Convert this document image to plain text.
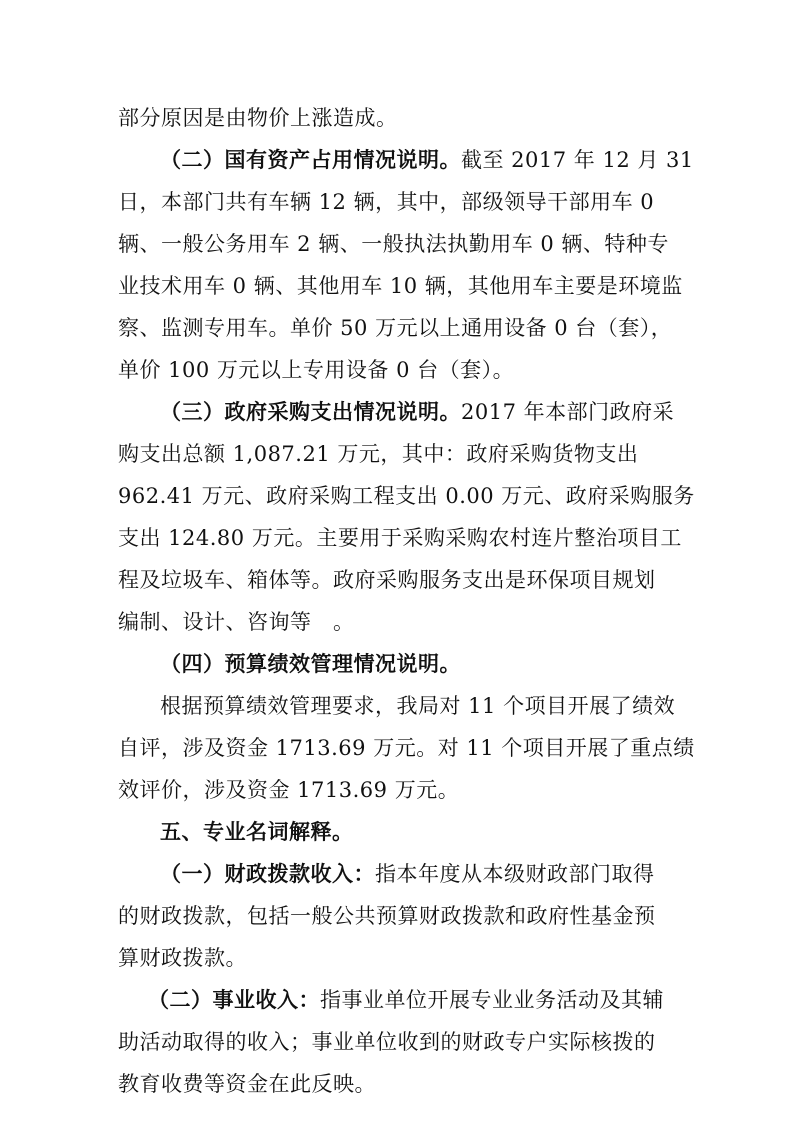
部分原因是由物价上涨造成。
（二）国有资产占用情况说明。截至 2017 年 12 月 31
日，本部门共有车辆 12 辆，其中，部级领导干部用车 0
辆、一般公务用车 2 辆、一般执法执勤用车 0 辆、特种专
业技术用车 0 辆、其他用车 10 辆，其他用车主要是环境监
察、监测专用车。单价 50 万元以上通用设备 0 台（套），
单价 100 万元以上专用设备 0 台（套）。
（三）政府采购支出情况说明。2017 年本部门政府采
购支出总额 1,087.21 万元，其中：政府采购货物支出
962.41 万元、政府采购工程支出 0.00 万元、政府采购服务
支出 124.80 万元。主要用于采购采购农村连片整治项目工
程及垃圾车、箱体等。政府采购服务支出是环保项目规划
编制、设计、咨询等　。
（四）预算绩效管理情况说明。
根据预算绩效管理要求，我局对 11 个项目开展了绩效
自评，涉及资金 1713.69 万元。对 11 个项目开展了重点绩
效评价，涉及资金 1713.69 万元。
五、专业名词解释。
（一）财政拨款收入：指本年度从本级财政部门取得
的财政拨款，包括一般公共预算财政拨款和政府性基金预
算财政拨款。
（二）事业收入：指事业单位开展专业业务活动及其辅
助活动取得的收入；事业单位收到的财政专户实际核拨的
教育收费等资金在此反映。
